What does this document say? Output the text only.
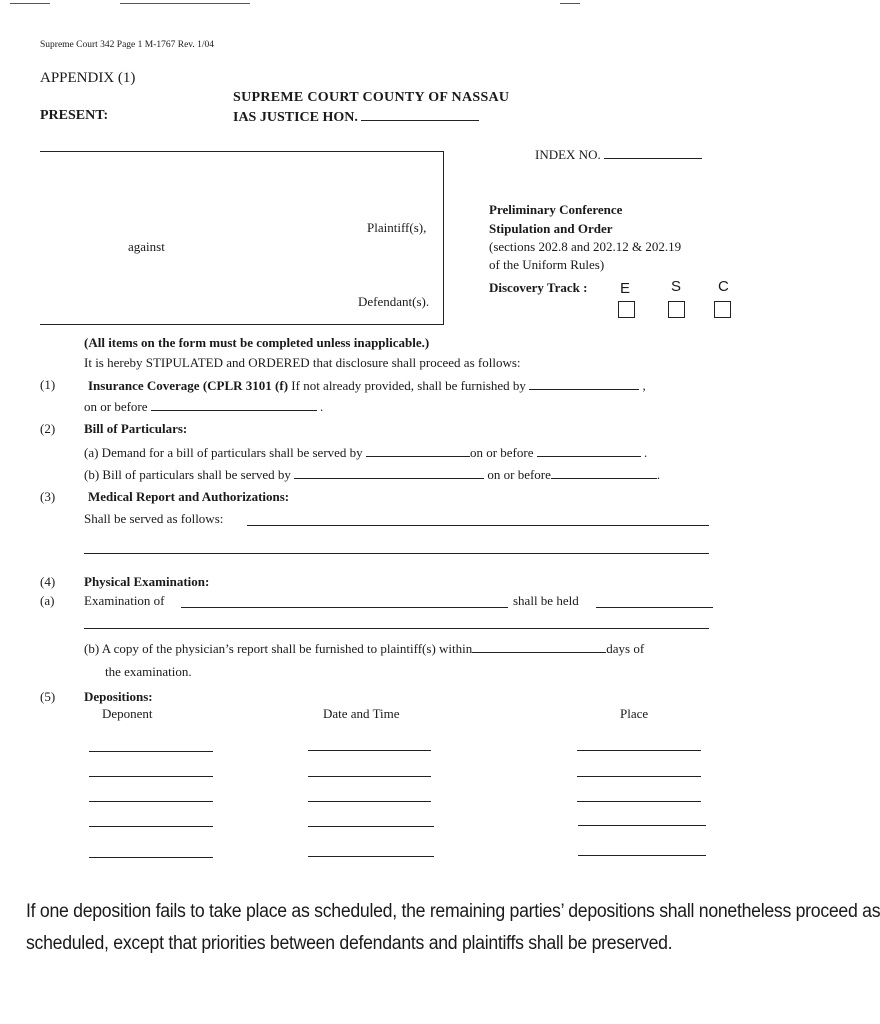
Supreme Court 342 Page 1 M-1767 Rev. 1/04
APPENDIX (1)
PRESENT:
SUPREME COURT COUNTY OF NASSAU
IAS JUSTICE HON.
INDEX NO.
Plaintiff(s),
against
Defendant(s).
Preliminary Conference
Stipulation and Order
(sections 202.8 and 202.12 & 202.19
of the Uniform Rules)
Discovery Track : E	S C
(All items on the form must be completed unless inapplicable.)
It is hereby STIPULATED and ORDERED that disclosure shall proceed as follows:
(1)	Insurance Coverage (CPLR 3101 (f) If not already provided, shall be furnished by	,
on or before	.
(2) Bill of Particulars:
(a) Demand for a bill of particulars shall be served by	on or before	.
(b) Bill of particulars shall be served by	on or before	.
(3)	Medical Report and Authorizations:
Shall be served as follows:
(4) Physical Examination:
(a) Examination of	shall be held
(b) A copy of the physician’s report shall be furnished to plaintiff(s) within	days of
the examination.
(5) Depositions:
Deponent	Date and Time	Place
If one deposition fails to take place as scheduled, the remaining parties’ depositions shall nonetheless proceed as
scheduled, except that priorities between defendants and plaintiffs shall be preserved.
